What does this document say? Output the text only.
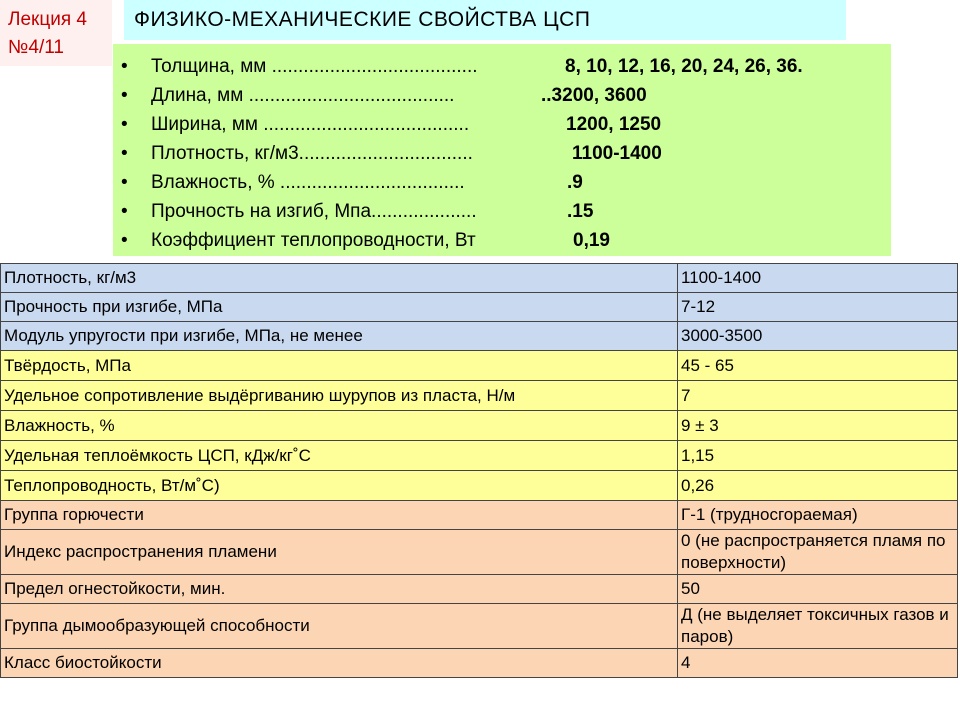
Лекция 4
№4/11
ФИЗИКО-МЕХАНИЧЕСКИЕ СВОЙСТВА ЦСП
• Толщина, мм .......................................	8, 10, 12, 16, 20, 24, 26, 36.
• Длина, мм .......................................	..3200, 3600
• Ширина, мм .......................................	1200, 1250
• Плотность, кг/м3.................................	1100-1400
• Влажность, % ...................................	.9
• Прочность на изгиб, Мпа....................	.15
• Коэффициент теплопроводности, Вт	0,19
Плотность, кг/м3	1100-1400
Прочность при изгибе, МПа	7-12
Модуль упругости при изгибе, МПа, не менее	3000-3500
Твёрдость, МПа	45 - 65
Удельное сопротивление выдёргиванию шурупов из пласта, Н/м	7
Влажность, %	9 ± 3
Удельная теплоёмкость ЦСП, кДж/кг˚С	1,15
Теплопроводность, Вт/м˚С)	0,26
Группа горючести	Г-1 (трудносгораемая)
Индекс распространения пламени	0 (не распространяется пламя по поверхности)
Предел огнестойкости, мин.	50
Группа дымообразующей способности	Д (не выделяет токсичных газов и паров)
Класс биостойкости	4
